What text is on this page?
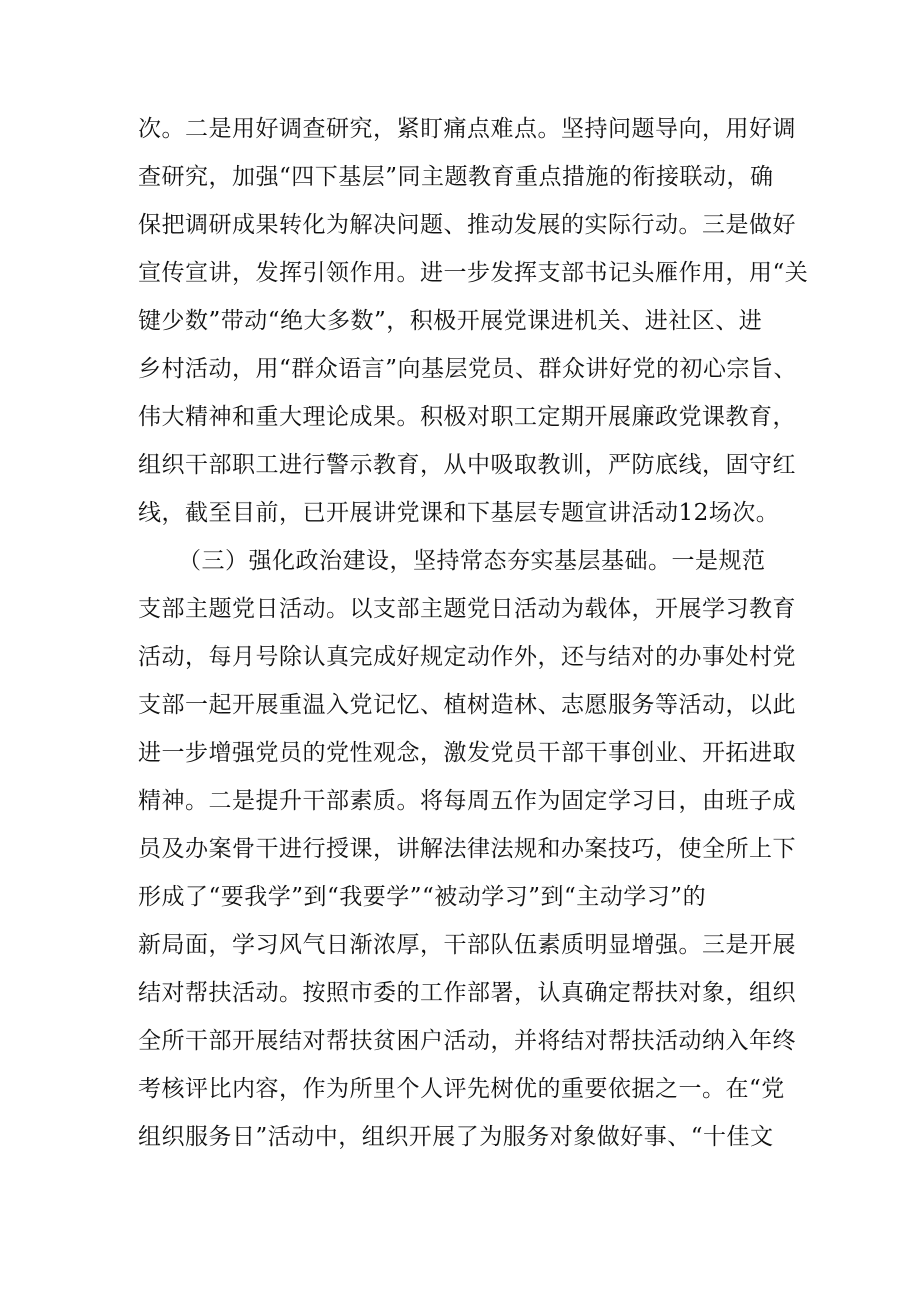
次。二是用好调查研究，紧盯痛点难点。坚持问题导向，用好调
查研究，加强“四下基层”同主题教育重点措施的衔接联动，确
保把调研成果转化为解决问题、推动发展的实际行动。三是做好
宣传宣讲，发挥引领作用。进一步发挥支部书记头雁作用，用“关
键少数”带动“绝大多数”，积极开展党课进机关、进社区、进
乡村活动，用“群众语言”向基层党员、群众讲好党的初心宗旨、
伟大精神和重大理论成果。积极对职工定期开展廉政党课教育，
组织干部职工进行警示教育，从中吸取教训，严防底线，固守红
线，截至目前，已开展讲党课和下基层专题宣讲活动12场次。
（三）强化政治建设，坚持常态夯实基层基础。一是规范
支部主题党日活动。以支部主题党日活动为载体，开展学习教育
活动，每月号除认真完成好规定动作外，还与结对的办事处村党
支部一起开展重温入党记忆、植树造林、志愿服务等活动，以此
进一步增强党员的党性观念，激发党员干部干事创业、开拓进取
精神。二是提升干部素质。将每周五作为固定学习日，由班子成
员及办案骨干进行授课，讲解法律法规和办案技巧，使全所上下
形成了“要我学”到“我要学”“被动学习”到“主动学习”的
新局面，学习风气日渐浓厚，干部队伍素质明显增强。三是开展
结对帮扶活动。按照市委的工作部署，认真确定帮扶对象，组织
全所干部开展结对帮扶贫困户活动，并将结对帮扶活动纳入年终
考核评比内容，作为所里个人评先树优的重要依据之一。在“党
组织服务日”活动中，组织开展了为服务对象做好事、“十佳文
